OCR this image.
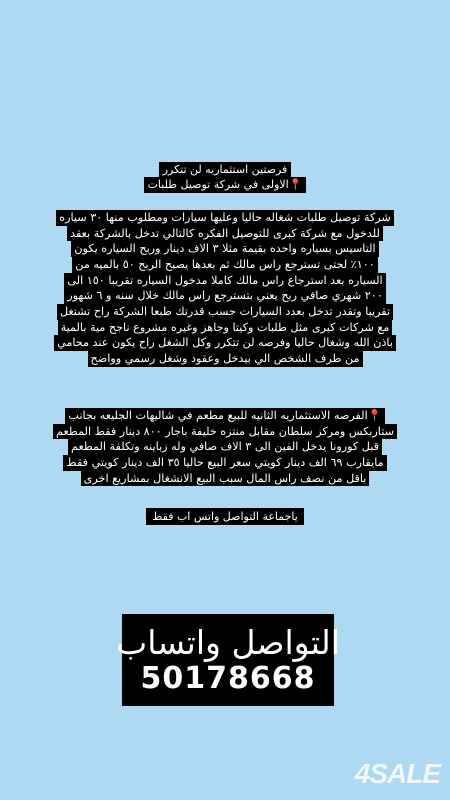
فرصتين استثماريه لن تتكرر
📍الاولى في شركة توصيل طلبات
شركة توصيل طلبات شغاله حاليا وعليها سيارات ومطلوب منها ٣٠ سياره
للدخول مع شركة كبرى للتوصيل الفكره كالتالي تدخل بالشركة بعقد
التاسيس بسياره واحده بقيمة مثلا ٣ الاف دينار وربح السياره يكون
١٠٠٪ لحتى تسترجع راس مالك ثم بعدها يصبح الربح ٥٠ بالميه من
السياره بعد استرجاع راس مالك كاملا مدخول السياره تقريبا ١٥٠ الى
٢٠٠ شهري صافي ربح يعني بتسترجع راس مالك خلال سنه و ٦ شهور
تقريبا وتقدر تدخل بعدد السيارات حسب قدرتك طبعا الشركة راح تشتغل
مع شركات كبرى مثل طلبات وكيتا وجاهز وغيره مشروع ناجح مية بالمية
باذن الله وشغال حاليا وفرصه لن تتكرر وكل الشغل راح يكون عند محامي
من طرف الشخص الي بيدخل وعقود وشغل رسمي وواضح
📍الفرصه الاستثماريه الثانيه للبيع مطعم في شاليهات الجليعه بجانب
ستاربكس ومركز سلطان مقابل منتزه خليفة باجار ٨٠٠ دينار فقط المطعم
قبل كورونا يدخل الفين الى ٣ الاف صافي وله زباينه وتكلفة المطعم
مايقارب ٦٩ الف دينار كويتي سعر البيع حاليا ٣٥ الف دينار كويتي فقط
باقل من نصف راس المال سبب البيع الانشغال بمشاريع اخرى
ياجماعة التواصل واتس اب فقط
التواصل واتساب
50178668
4SALE
